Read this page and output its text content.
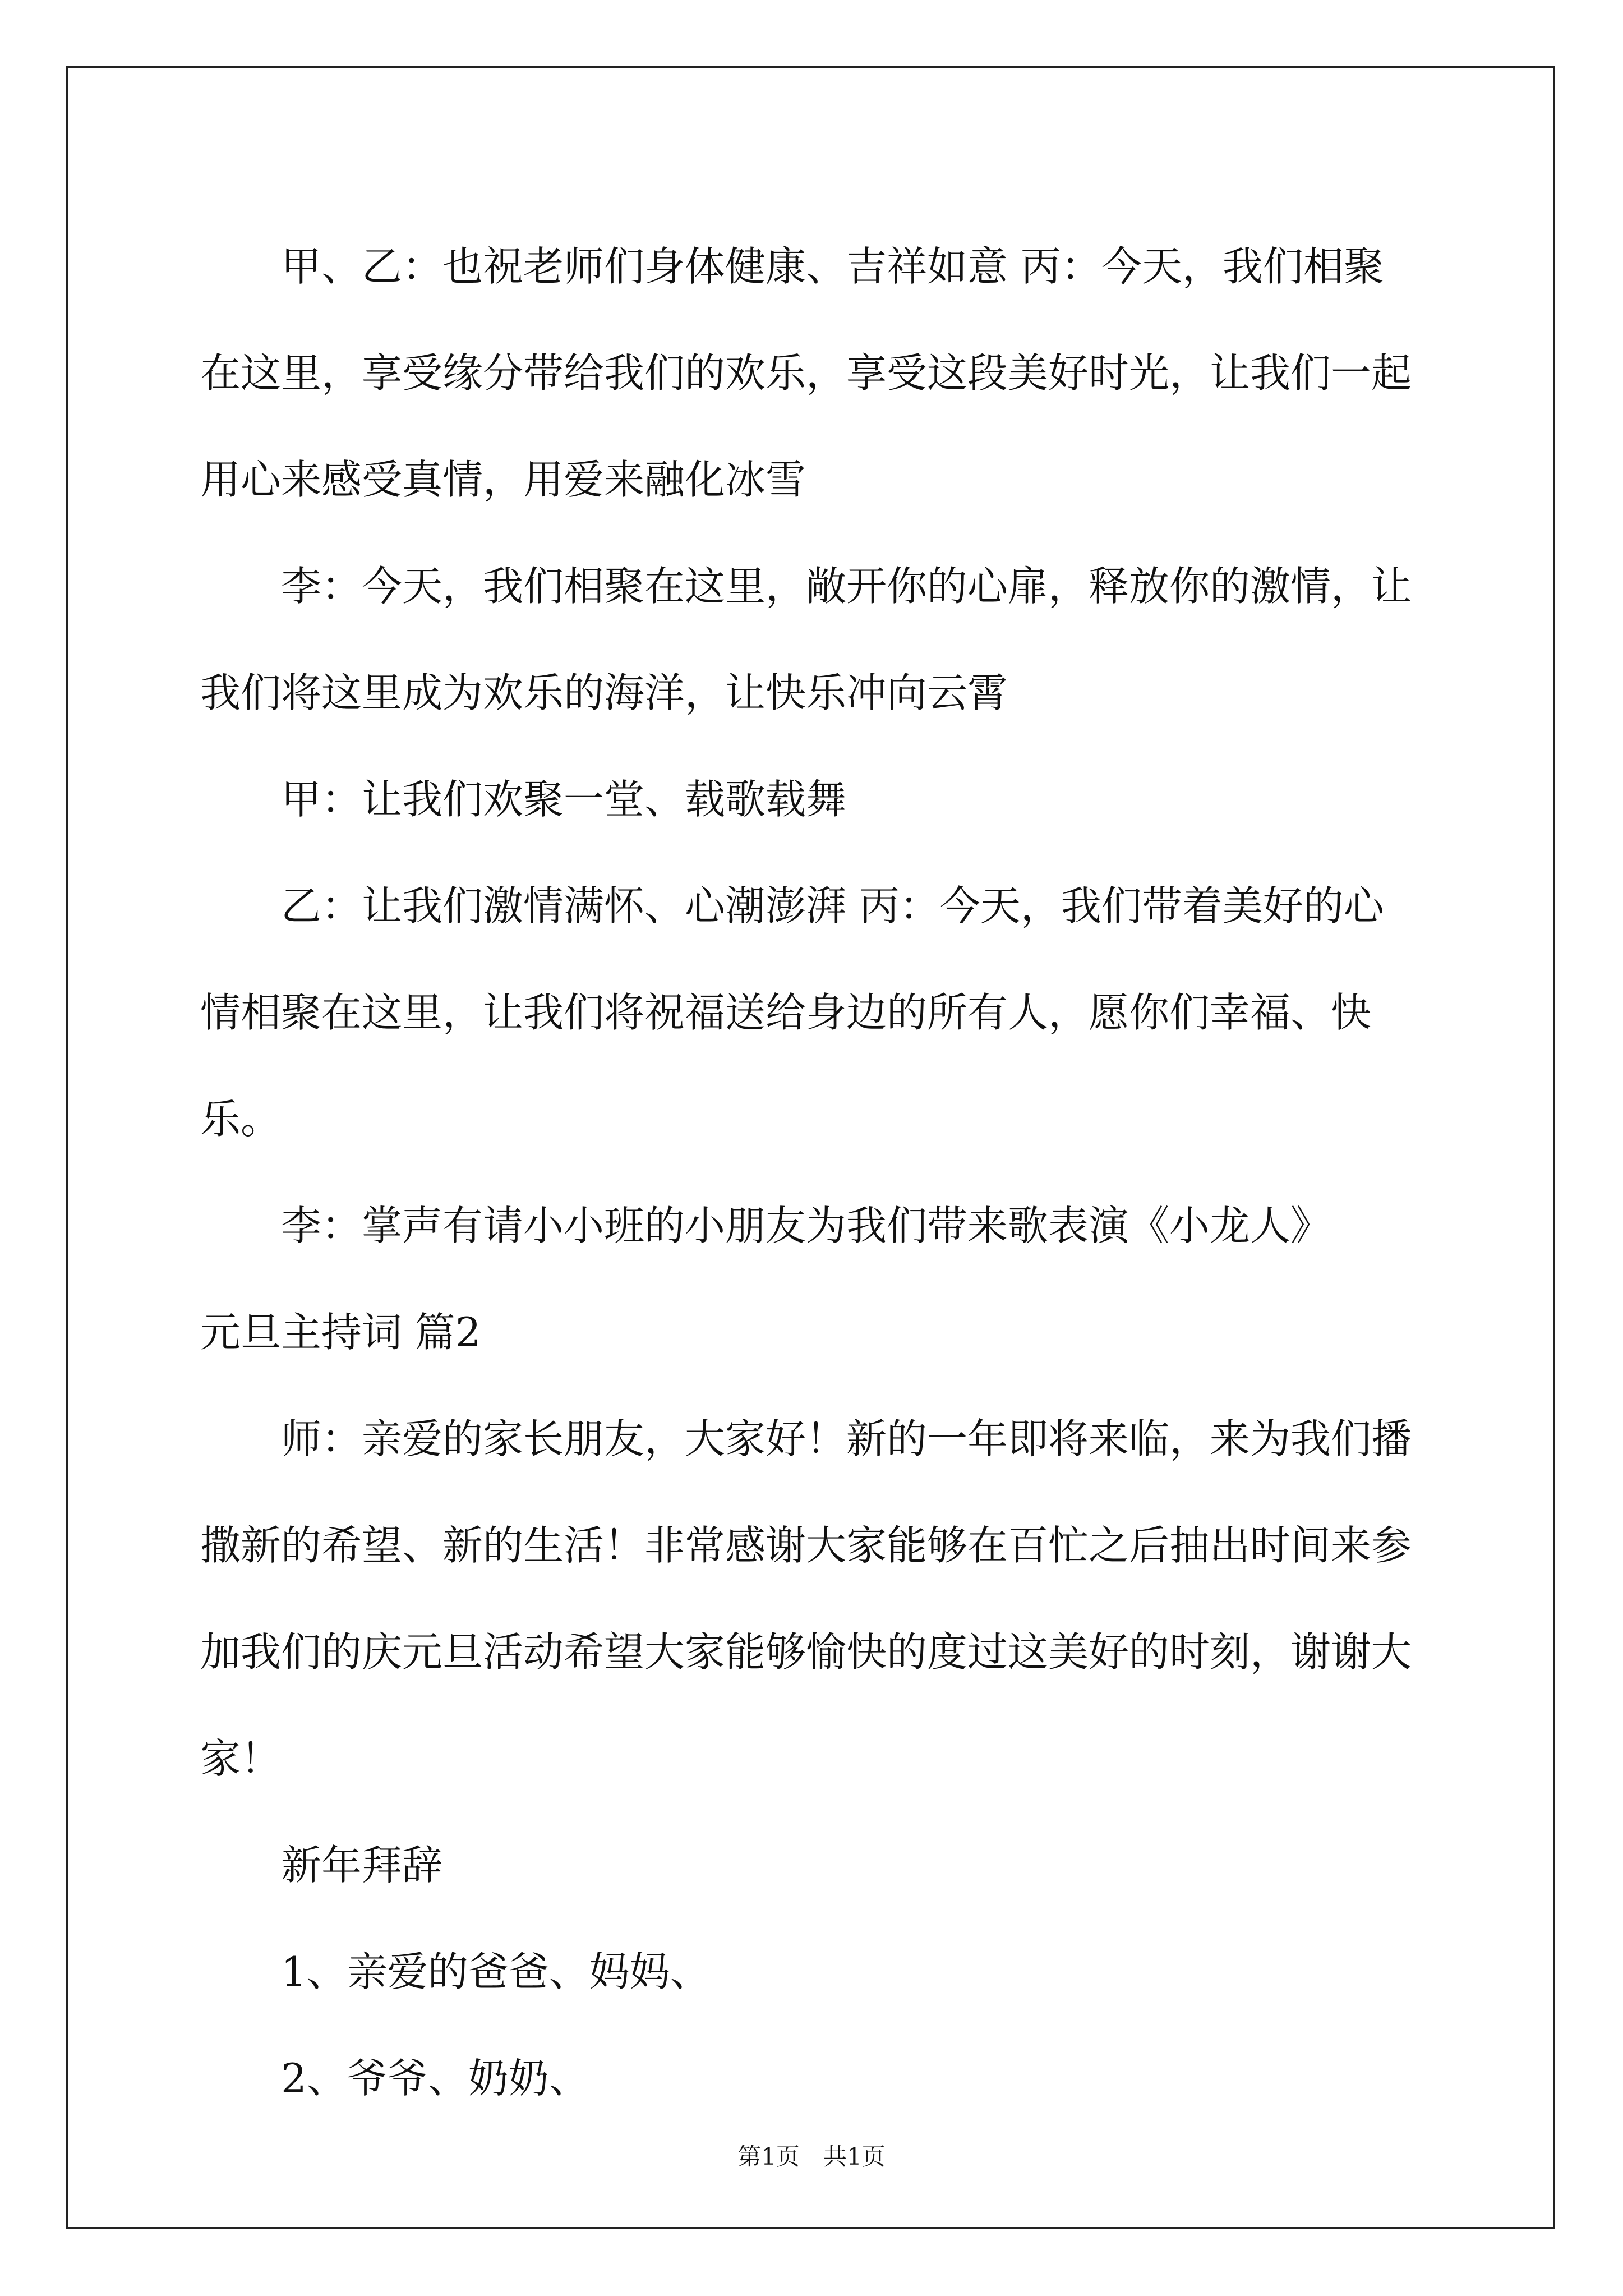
甲、乙：也祝老师们身体健康、吉祥如意 丙：今天，我们相聚在这里，享受缘分带给我们的欢乐，享受这段美好时光，让我们一起用心来感受真情，用爱来融化冰雪

李：今天，我们相聚在这里，敞开你的心扉，释放你的激情，让我们将这里成为欢乐的海洋，让快乐冲向云霄

甲：让我们欢聚一堂、载歌载舞

乙：让我们激情满怀、心潮澎湃 丙：今天，我们带着美好的心情相聚在这里，让我们将祝福送给身边的所有人，愿你们幸福、快乐。

李：掌声有请小小班的小朋友为我们带来歌表演《小龙人》

元旦主持词 篇2

师：亲爱的家长朋友，大家好！新的一年即将来临，来为我们播撒新的希望、新的生活！非常感谢大家能够在百忙之后抽出时间来参加我们的庆元旦活动希望大家能够愉快的度过这美好的时刻，谢谢大家！

新年拜辞

1、亲爱的爸爸、妈妈、

2、爷爷、奶奶、

第1页　共1页
